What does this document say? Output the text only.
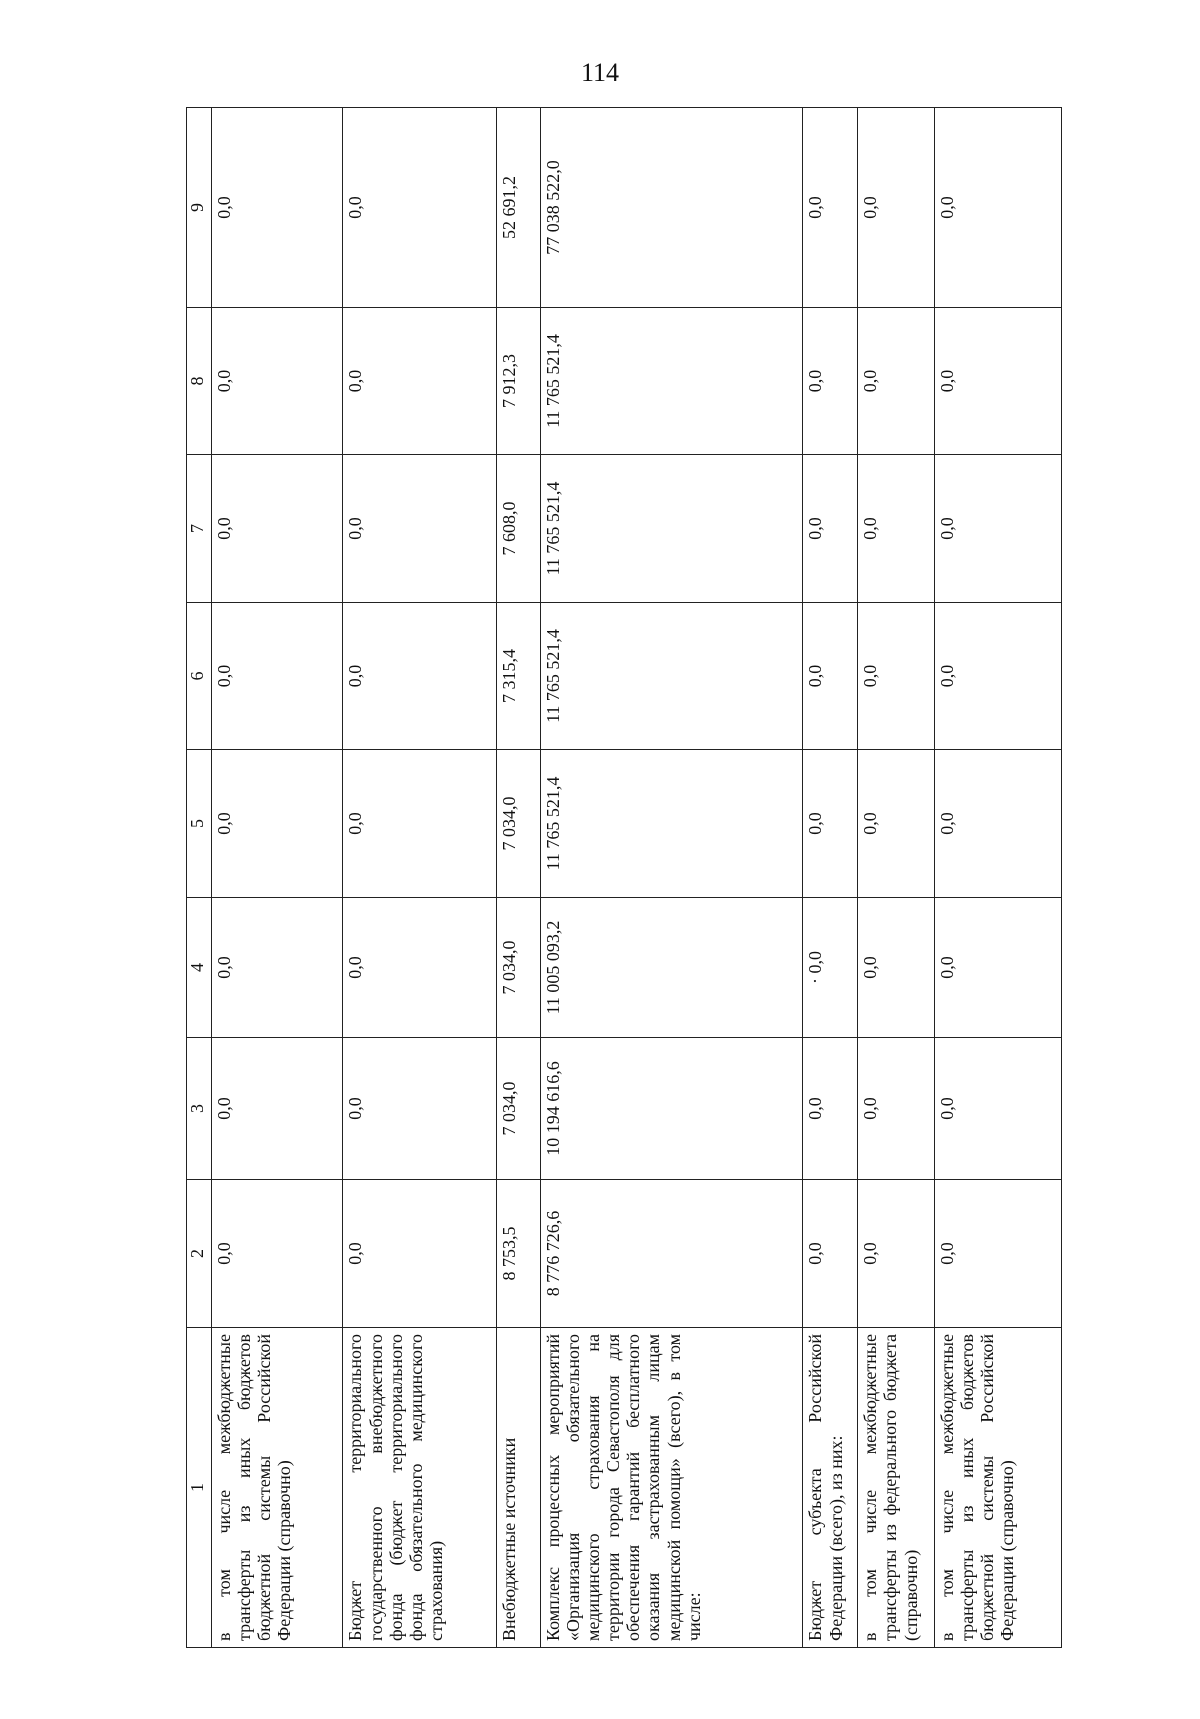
114
1	2	3	4	5	6	7	8	9
в том числе межбюджетные трансферты из иных бюджетов бюджетной системы Российской Федерации (справочно)	0,0	0,0	0,0	0,0	0,0	0,0	0,0	0,0
Бюджет территориального государственного внебюджетного фонда (бюджет территориального фонда обязательного медицинского страхования)	0,0	0,0	0,0	0,0	0,0	0,0	0,0	0,0
Внебюджетные источники	8 753,5	7 034,0	7 034,0	7 034,0	7 315,4	7 608,0	7 912,3	52 691,2
Комплекс процессных мероприятий «Организация обязательного медицинского страхования на территории города Севастополя для обеспечения гарантий бесплатного оказания застрахованным лицам медицинской помощи» (всего), в том числе:	8 776 726,6	10 194 616,6	11 005 093,2	11 765 521,4	11 765 521,4	11 765 521,4	11 765 521,4	77 038 522,0
Бюджет субъекта Российской Федерации (всего), из них:	0,0	0,0	· 0,0	0,0	0,0	0,0	0,0	0,0
в том числе межбюджетные трансферты из федерального бюджета (справочно)	0,0	0,0	0,0	0,0	0,0	0,0	0,0	0,0
в том числе межбюджетные трансферты из иных бюджетов бюджетной системы Российской Федерации (справочно)	0,0	0,0	0,0	0,0	0,0	0,0	0,0	0,0
